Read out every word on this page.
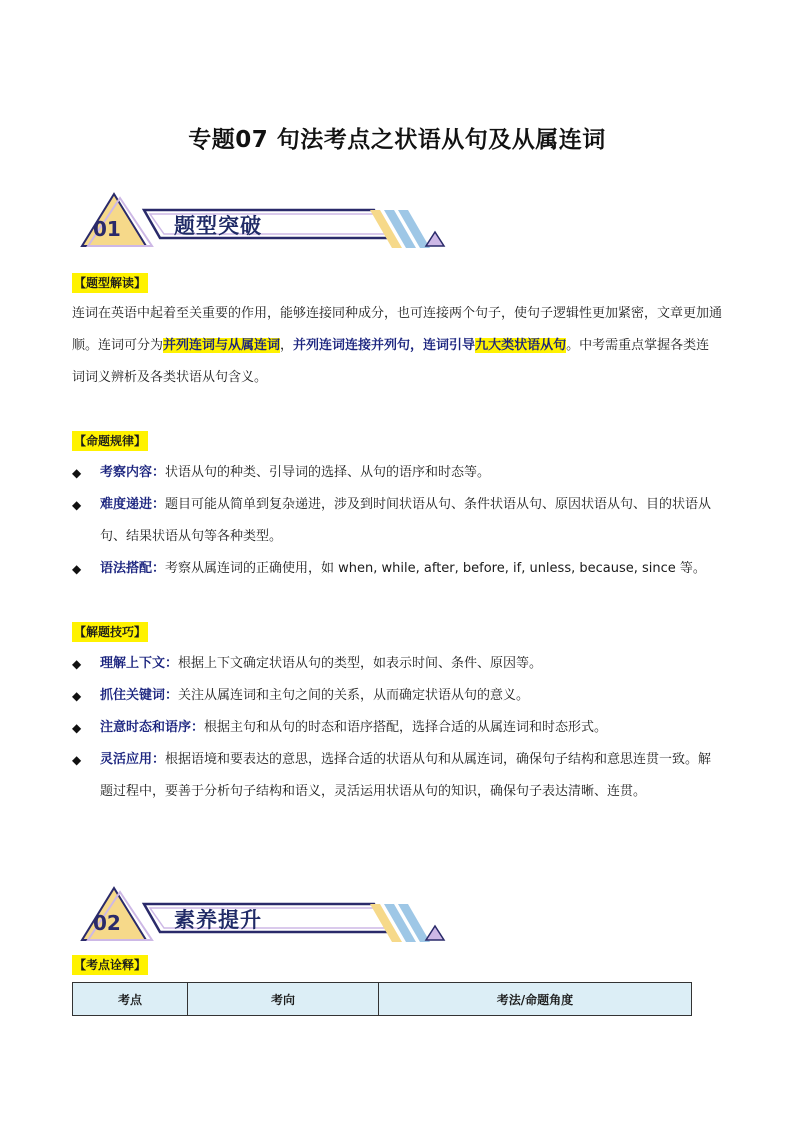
专题07 句法考点之状语从句及从属连词
01	题型突破
【题型解读】
连词在英语中起着至关重要的作用，能够连接同种成分，也可连接两个句子，使句子逻辑性更加紧密，文章更加通顺。连词可分为并列连词与从属连词，并列连词连接并列句，连词引导九大类状语从句。中考需重点掌握各类连词词义辨析及各类状语从句含义。
【命题规律】
◆	考察内容：状语从句的种类、引导词的选择、从句的语序和时态等。
◆	难度递进：题目可能从简单到复杂递进，涉及到时间状语从句、条件状语从句、原因状语从句、目的状语从句、结果状语从句等各种类型。
◆	语法搭配：考察从属连词的正确使用，如 when, while, after, before, if, unless, because, since 等。
【解题技巧】
◆	理解上下文：根据上下文确定状语从句的类型，如表示时间、条件、原因等。
◆	抓住关键词：关注从属连词和主句之间的关系，从而确定状语从句的意义。
◆	注意时态和语序：根据主句和从句的时态和语序搭配，选择合适的从属连词和时态形式。
◆	灵活应用：根据语境和要表达的意思，选择合适的状语从句和从属连词，确保句子结构和意思连贯一致。解题过程中，要善于分析句子结构和语义，灵活运用状语从句的知识，确保句子表达清晰、连贯。
02	素养提升
【考点诠释】
考点	考向	考法/命题角度
